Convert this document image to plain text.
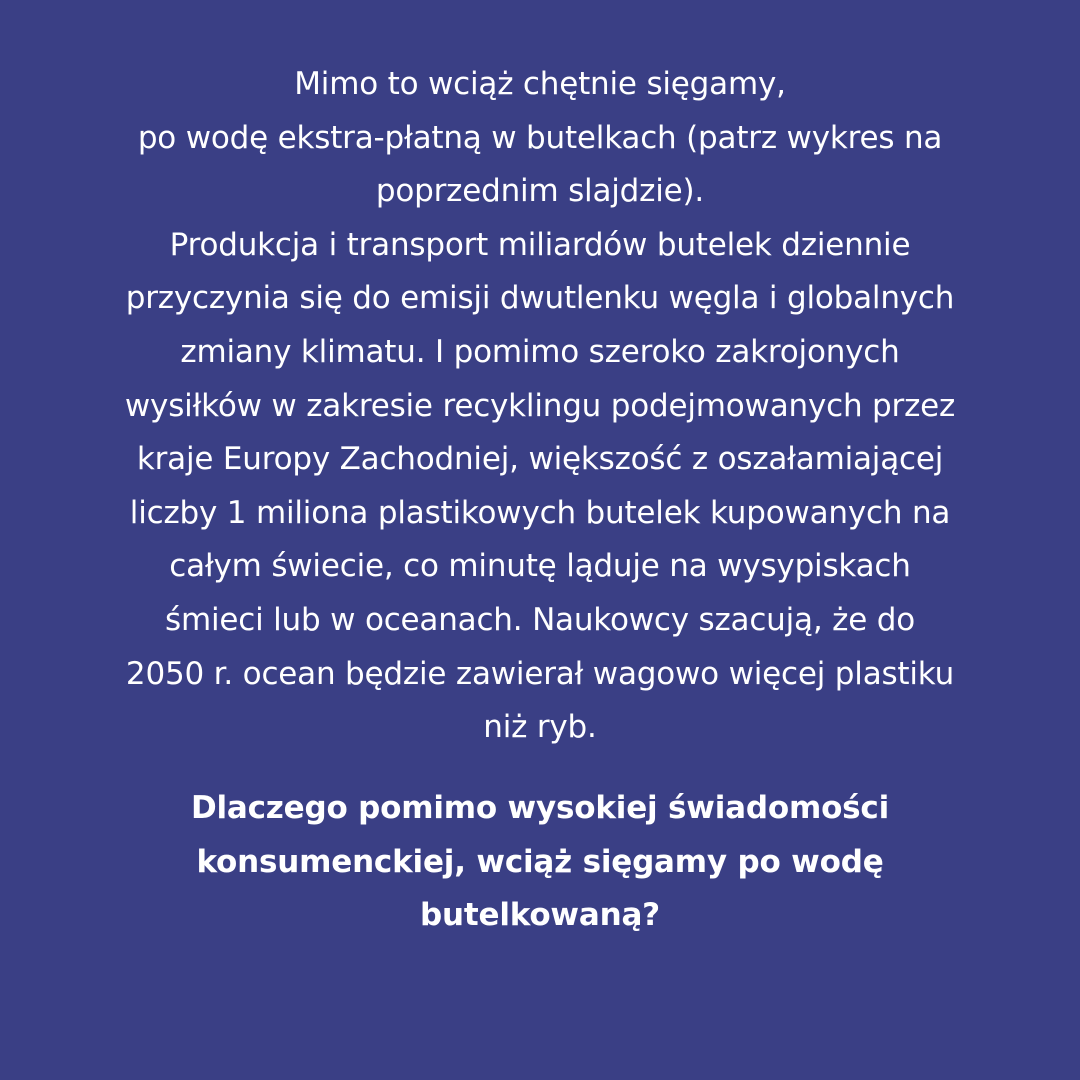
Mimo to wciąż chętnie sięgamy,
po wodę ekstra-płatną w butelkach (patrz wykres na
poprzednim slajdzie).
Produkcja i transport miliardów butelek dziennie
przyczynia się do emisji dwutlenku węgla i globalnych
zmiany klimatu. I pomimo szeroko zakrojonych
wysiłków w zakresie recyklingu podejmowanych przez
kraje Europy Zachodniej, większość z oszałamiającej
liczby 1 miliona plastikowych butelek kupowanych na
całym świecie, co minutę ląduje na wysypiskach
śmieci lub w oceanach. Naukowcy szacują, że do
2050 r. ocean będzie zawierał wagowo więcej plastiku
niż ryb.
Dlaczego pomimo wysokiej świadomości
konsumenckiej, wciąż sięgamy po wodę
butelkowaną?
